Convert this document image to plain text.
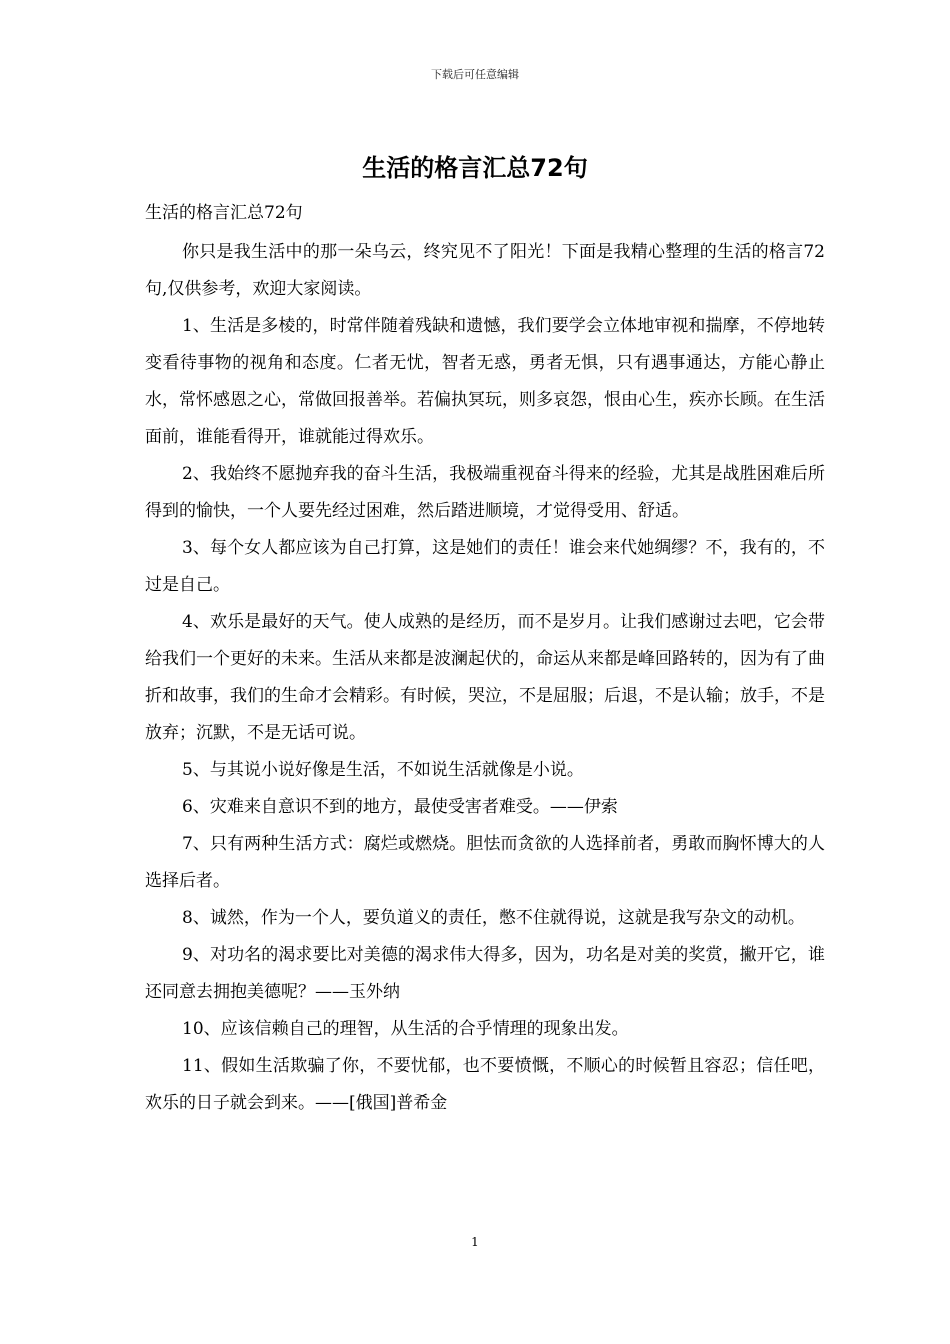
下载后可任意编辑
生活的格言汇总72句

生活的格言汇总72句

你只是我生活中的那一朵乌云，终究见不了阳光！下面是我精心整理的生活的格言72句,仅供参考，欢迎大家阅读。

1、生活是多棱的，时常伴随着残缺和遗憾，我们要学会立体地审视和揣摩，不停地转变看待事物的视角和态度。仁者无忧，智者无惑，勇者无惧，只有遇事通达，方能心静止水，常怀感恩之心，常做回报善举。若偏执冥玩，则多哀怨，恨由心生，疾亦长顾。在生活面前，谁能看得开，谁就能过得欢乐。

2、我始终不愿抛弃我的奋斗生活，我极端重视奋斗得来的经验，尤其是战胜困难后所得到的愉快，一个人要先经过困难，然后踏进顺境，才觉得受用、舒适。

3、每个女人都应该为自己打算，这是她们的责任！谁会来代她绸缪？不，我有的，不过是自己。

4、欢乐是最好的天气。使人成熟的是经历，而不是岁月。让我们感谢过去吧，它会带给我们一个更好的未来。生活从来都是波澜起伏的，命运从来都是峰回路转的，因为有了曲折和故事，我们的生命才会精彩。有时候，哭泣，不是屈服；后退，不是认输；放手，不是放弃；沉默，不是无话可说。

5、与其说小说好像是生活，不如说生活就像是小说。

6、灾难来自意识不到的地方，最使受害者难受。——伊索

7、只有两种生活方式：腐烂或燃烧。胆怯而贪欲的人选择前者，勇敢而胸怀博大的人选择后者。

8、诚然，作为一个人，要负道义的责任，憋不住就得说，这就是我写杂文的动机。

9、对功名的渴求要比对美德的渴求伟大得多，因为，功名是对美的奖赏，撇开它，谁还同意去拥抱美德呢？——玉外纳

10、应该信赖自己的理智，从生活的合乎情理的现象出发。

11、假如生活欺骗了你，不要忧郁，也不要愤慨，不顺心的时候暂且容忍；信任吧，欢乐的日子就会到来。——[俄国]普希金

1
